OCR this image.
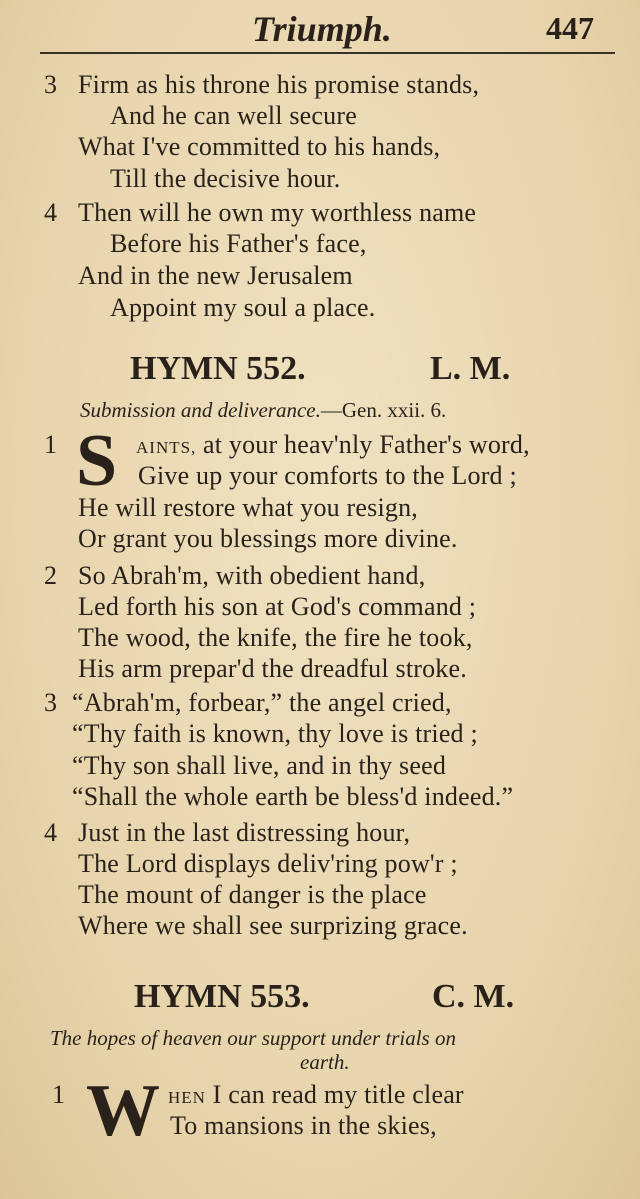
Triumph.	447
3 Firm as his throne his promise stands,
And he can well secure
What I've committed to his hands,
Till the decisive hour.
4 Then will he own my worthless name
Before his Father's face,
And in the new Jerusalem
Appoint my soul a place.
HYMN 552.	L. M.
Submission and deliverance.—Gen. xxii. 6.
1 S AINTS, at your heav'nly Father's word,
Give up your comforts to the Lord ;
He will restore what you resign,
Or grant you blessings more divine.
2 So Abrah'm, with obedient hand,
Led forth his son at God's command ;
The wood, the knife, the fire he took,
His arm prepar'd the dreadful stroke.
3 “Abrah'm, forbear,” the angel cried,
“Thy faith is known, thy love is tried ;
“Thy son shall live, and in thy seed
“Shall the whole earth be bless'd indeed.”
4 Just in the last distressing hour,
The Lord displays deliv'ring pow'r ;
The mount of danger is the place
Where we shall see surprizing grace.
HYMN 553.	C. M.
The hopes of heaven our support under trials on
earth.
1 W HEN I can read my title clear
To mansions in the skies,
